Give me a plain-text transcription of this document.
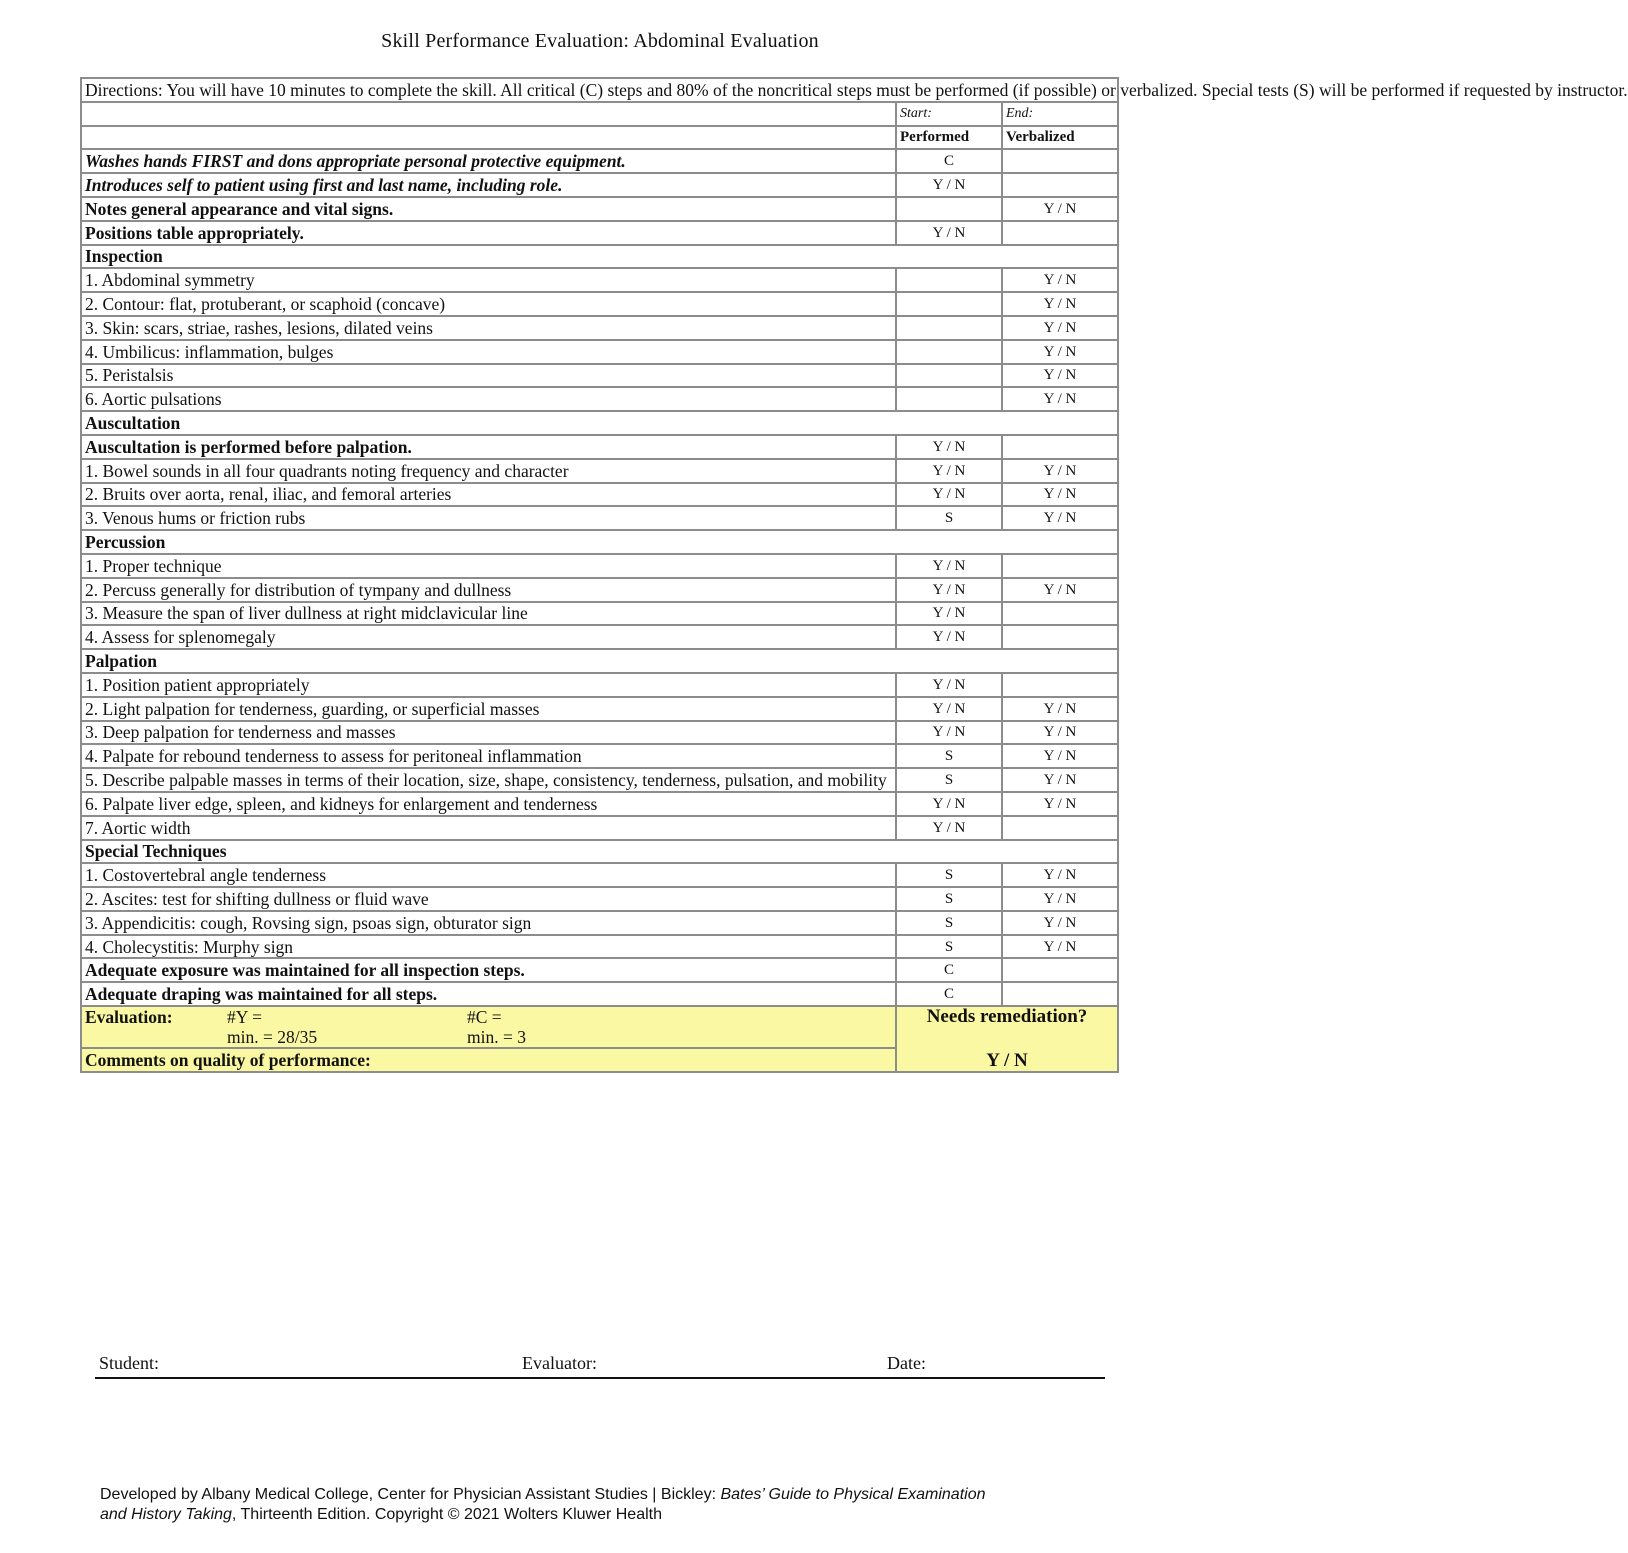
Skill Performance Evaluation: Abdominal Evaluation
Directions: You will have 10 minutes to complete the skill. All critical (C) steps and 80% of the noncritical steps must be performed (if possible) or verbalized. Special tests (S) will be performed if requested by instructor.		
	Start:	End:
	Performed	Verbalized
Washes hands FIRST and dons appropriate personal protective equipment.	C	
Introduces self to patient using first and last name, including role.	Y / N	
Notes general appearance and vital signs.		Y / N
Positions table appropriately.	Y / N	
Inspection		
1. Abdominal symmetry		Y / N
2. Contour: flat, protuberant, or scaphoid (concave)		Y / N
3. Skin: scars, striae, rashes, lesions, dilated veins		Y / N
4. Umbilicus: inflammation, bulges		Y / N
5. Peristalsis		Y / N
6. Aortic pulsations		Y / N
Auscultation		
Auscultation is performed before palpation.	Y / N	
1. Bowel sounds in all four quadrants noting frequency and character	Y / N	Y / N
2. Bruits over aorta, renal, iliac, and femoral arteries	Y / N	Y / N
3. Venous hums or friction rubs	S	Y / N
Percussion		
1. Proper technique	Y / N	
2. Percuss generally for distribution of tympany and dullness	Y / N	Y / N
3. Measure the span of liver dullness at right midclavicular line	Y / N	
4. Assess for splenomegaly	Y / N	
Palpation		
1. Position patient appropriately	Y / N	
2. Light palpation for tenderness, guarding, or superficial masses	Y / N	Y / N
3. Deep palpation for tenderness and masses	Y / N	Y / N
4. Palpate for rebound tenderness to assess for peritoneal inflammation	S	Y / N
5. Describe palpable masses in terms of their location, size, shape, consistency, tenderness, pulsation, and mobility	S	Y / N
6. Palpate liver edge, spleen, and kidneys for enlargement and tenderness	Y / N	Y / N
7. Aortic width	Y / N	
Special Techniques		
1. Costovertebral angle tenderness	S	Y / N
2. Ascites: test for shifting dullness or fluid wave	S	Y / N
3. Appendicitis: cough, Rovsing sign, psoas sign, obturator sign	S	Y / N
4. Cholecystitis: Murphy sign	S	Y / N
Adequate exposure was maintained for all inspection steps.	C	
Adequate draping was maintained for all steps.	C	

Evaluation: #Y = #C =
min. = 28/35 min. = 3	Needs remediation?
Y / N	

Comments on quality of performance:		
Student:	Evaluator:	Date:
Developed by Albany Medical College, Center for Physician Assistant Studies | Bickley: Bates’ Guide to Physical Examination
and History Taking, Thirteenth Edition. Copyright © 2021 Wolters Kluwer Health
